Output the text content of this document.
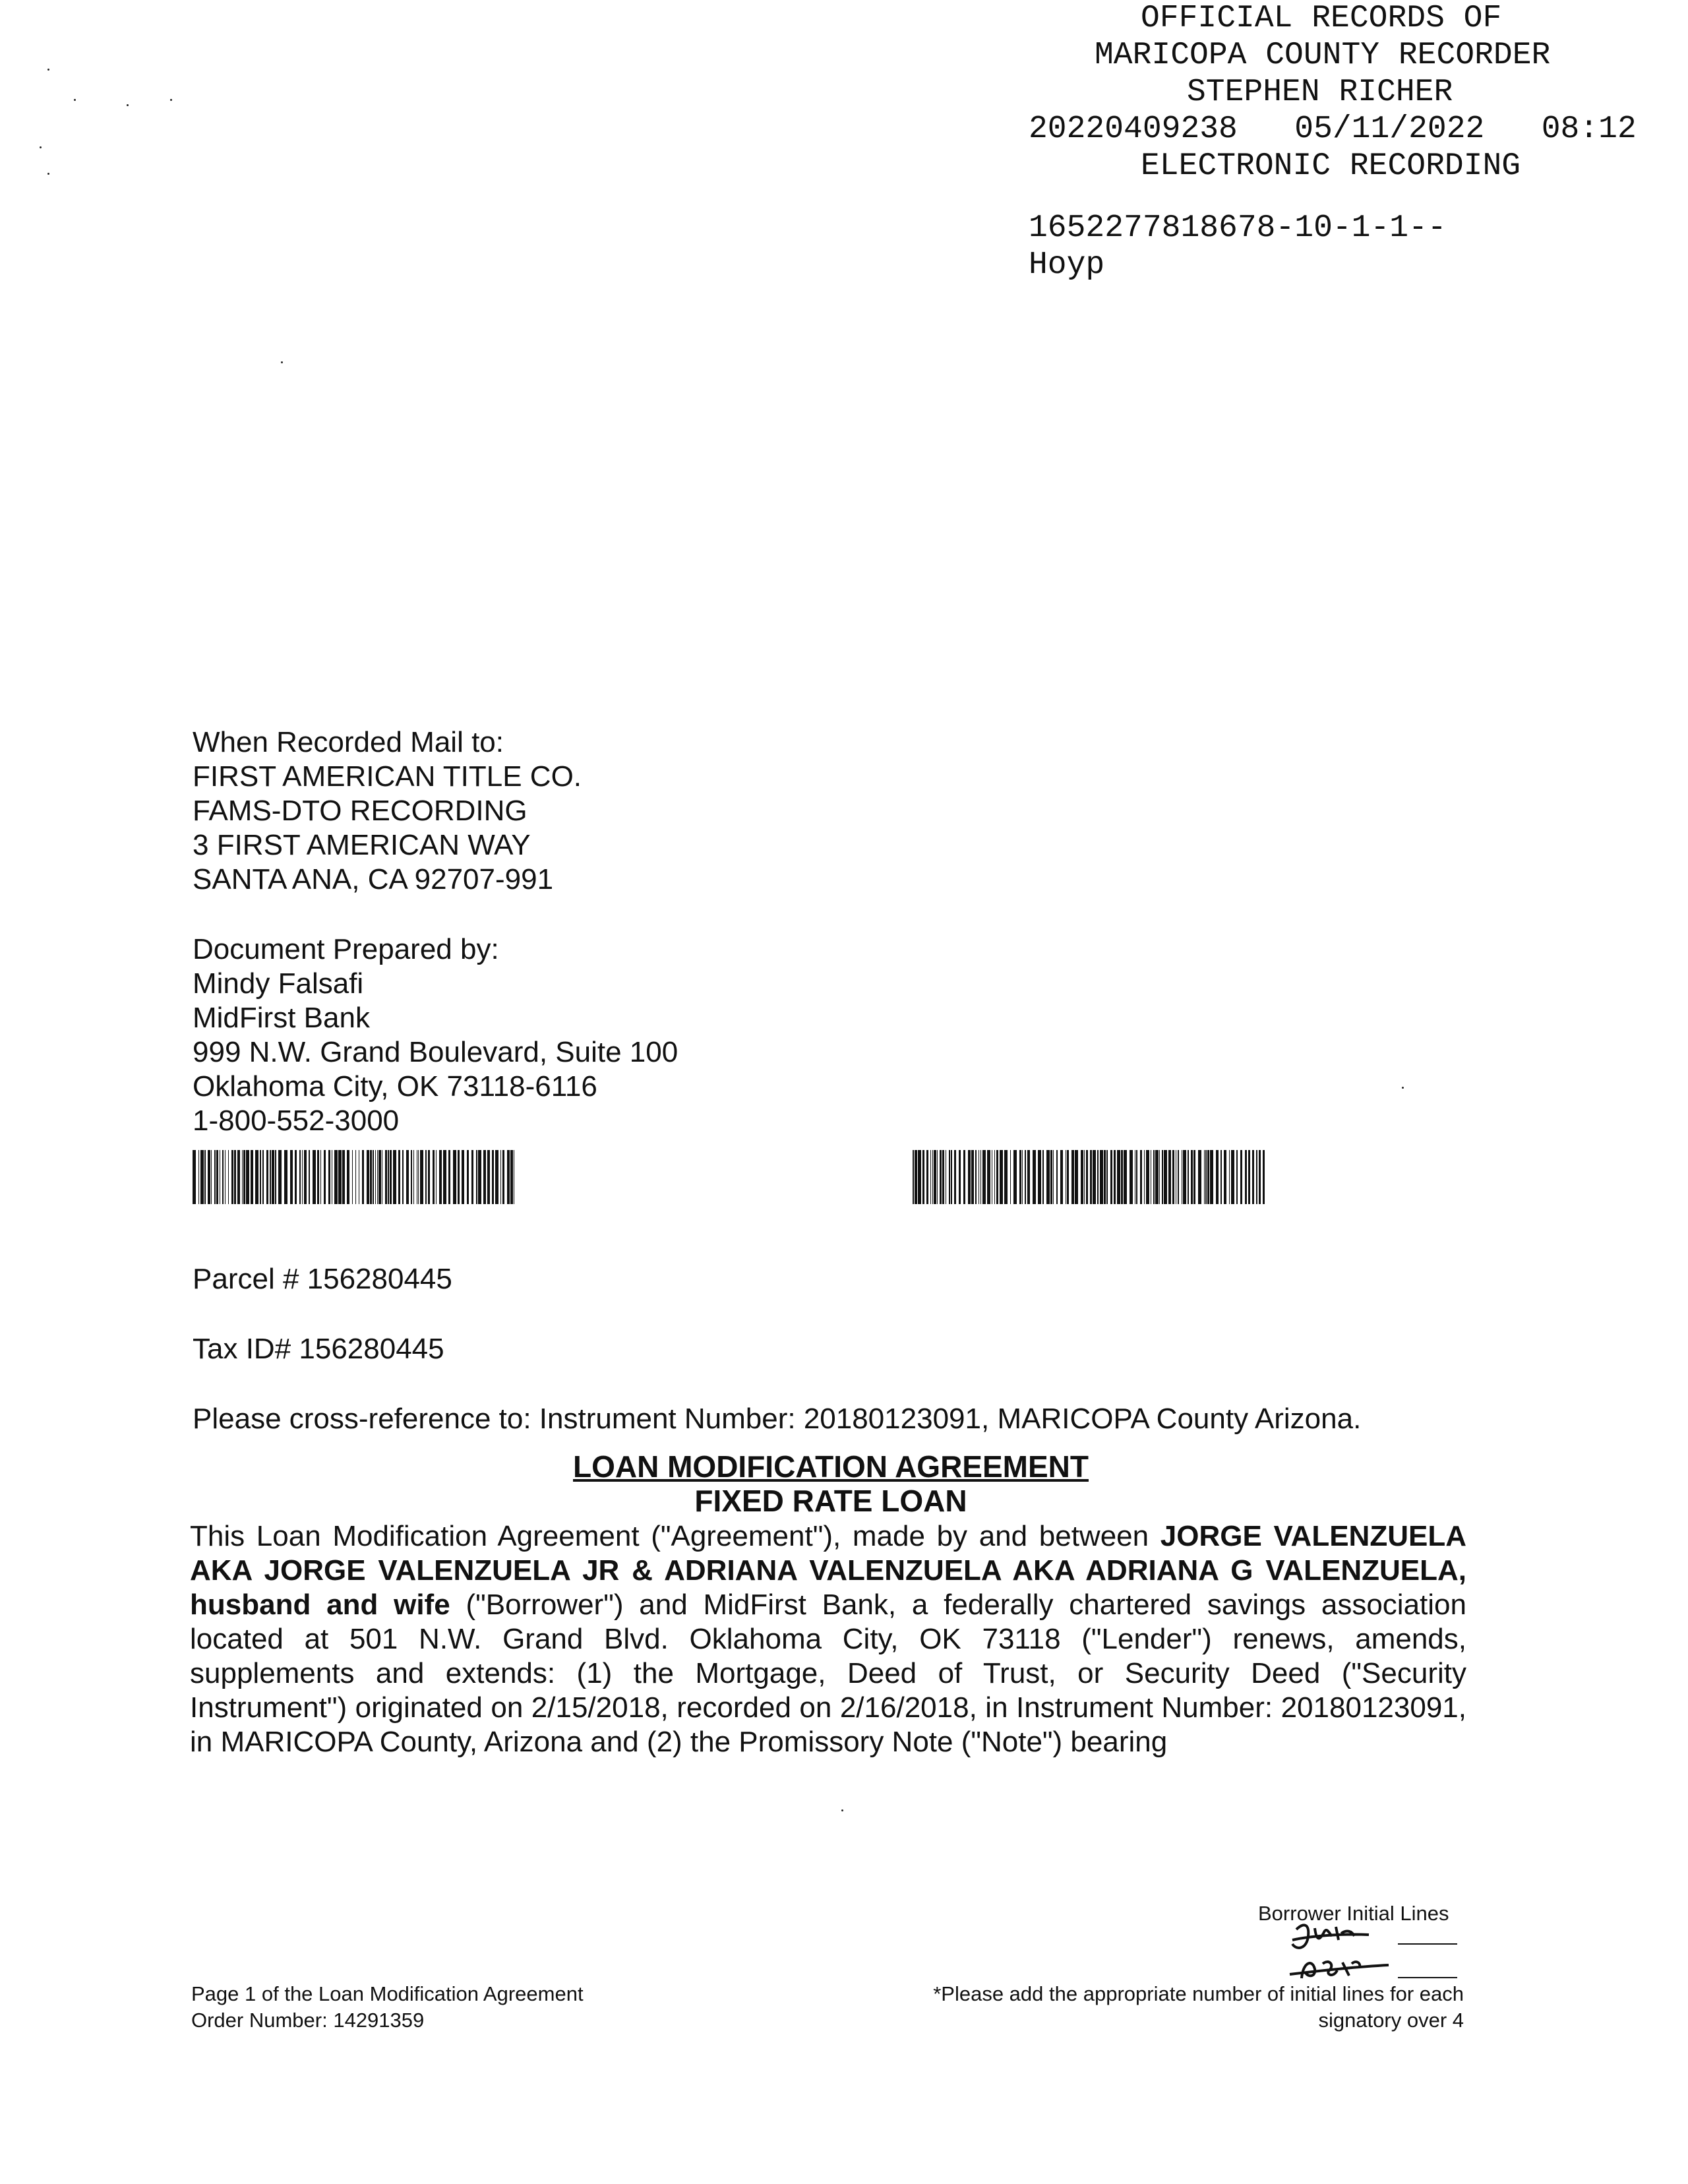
OFFICIAL RECORDS OF
MARICOPA COUNTY RECORDER
STEPHEN RICHER
20220409238   05/11/2022   08:12
ELECTRONIC RECORDING
1652277818678-10-1-1--
Hoyp
When Recorded Mail to:
FIRST AMERICAN TITLE CO.
FAMS-DTO RECORDING
3 FIRST AMERICAN WAY
SANTA ANA, CA 92707-991
Document Prepared by:
Mindy Falsafi
MidFirst Bank
999 N.W. Grand Boulevard, Suite 100
Oklahoma City, OK 73118-6116
1-800-552-3000
Parcel # 156280445
Tax ID# 156280445
Please cross-reference to: Instrument Number: 20180123091, MARICOPA County Arizona.
LOAN MODIFICATION AGREEMENT
FIXED RATE LOAN
This Loan Modification Agreement ("Agreement"), made by and between JORGE VALENZUELA AKA JORGE VALENZUELA JR & ADRIANA VALENZUELA AKA ADRIANA G VALENZUELA, husband and wife ("Borrower") and MidFirst Bank, a federally chartered savings association located at 501 N.W. Grand Blvd. Oklahoma City, OK 73118 ("Lender") renews, amends, supplements and extends: (1) the Mortgage, Deed of Trust, or Security Deed ("Security Instrument") originated on 2/15/2018, recorded on 2/16/2018, in Instrument Number: 20180123091, in MARICOPA County, Arizona and (2) the Promissory Note ("Note") bearing
Borrower Initial Lines
Page 1 of the Loan Modification Agreement
Order Number: 14291359
*Please add the appropriate number of initial lines for each
signatory over 4
